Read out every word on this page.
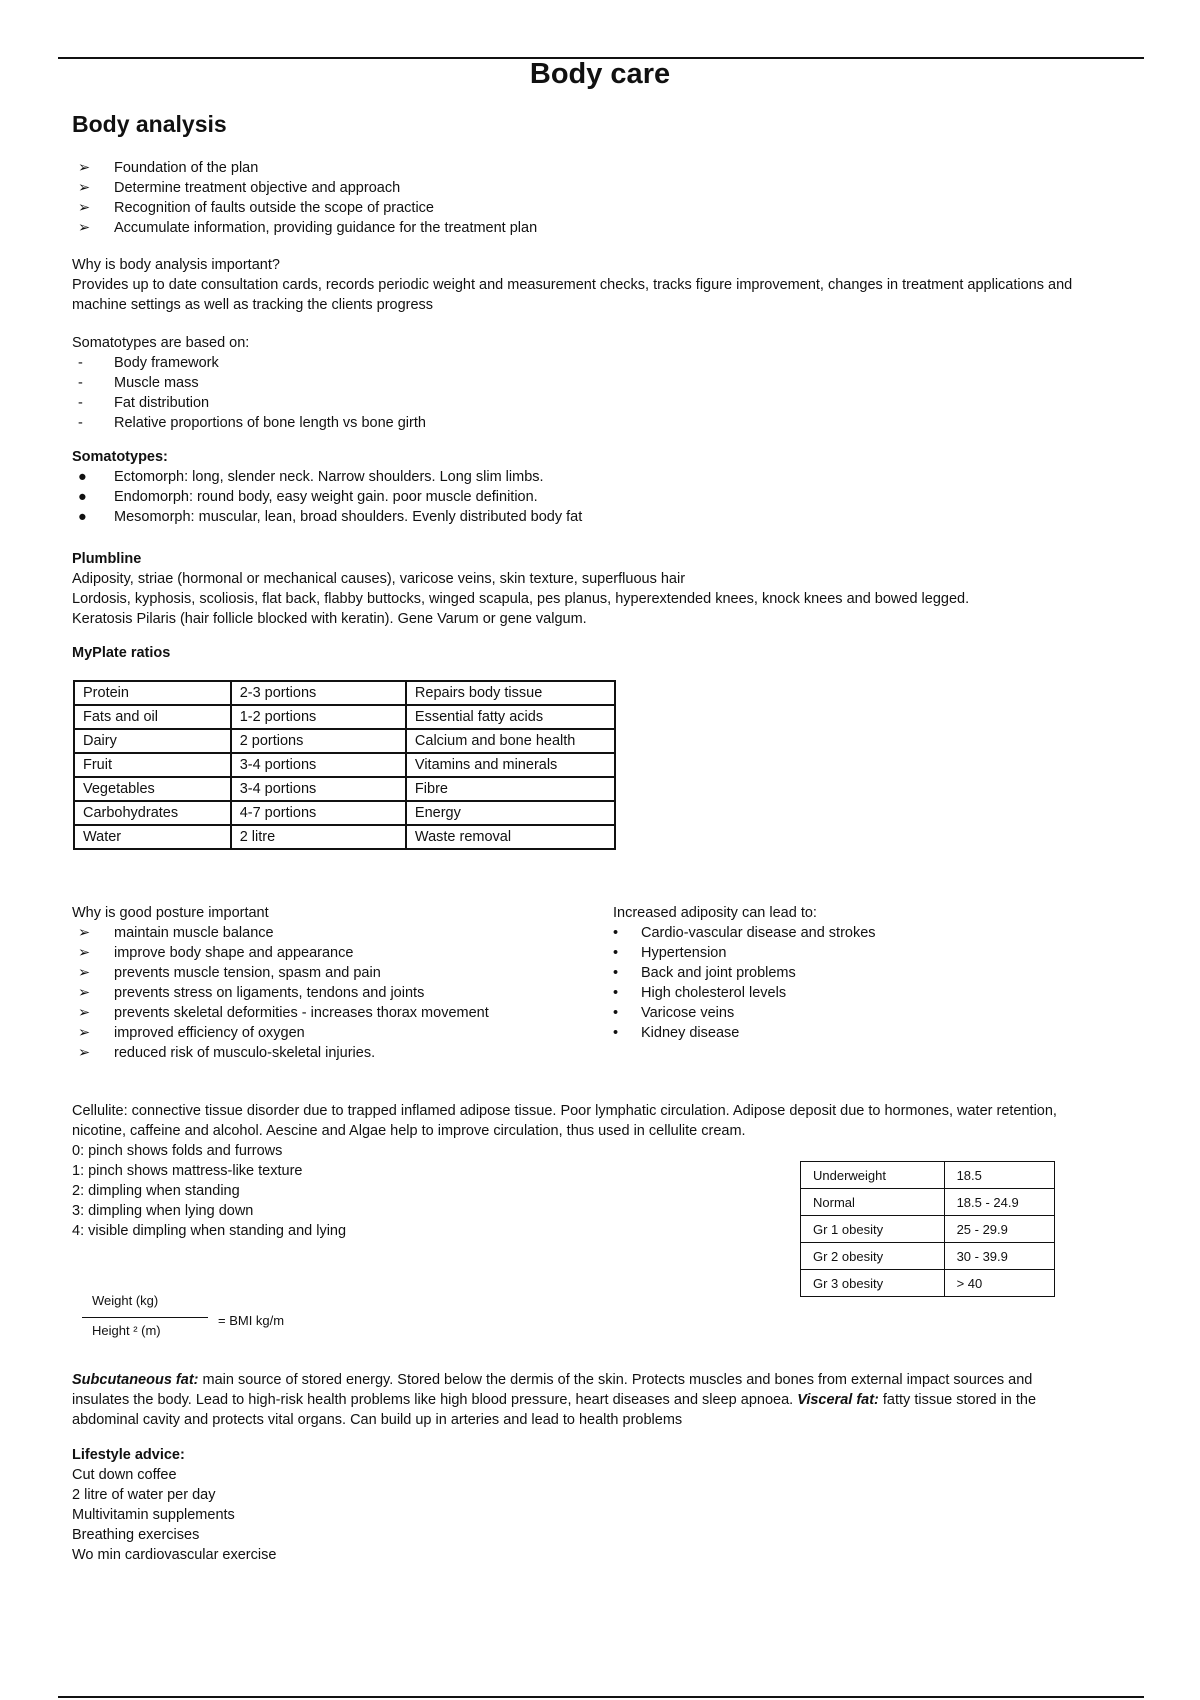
Body care
Body analysis
➢	Foundation of the plan
➢	Determine treatment objective and approach
➢	Recognition of faults outside the scope of practice
➢	Accumulate information, providing guidance for the treatment plan

Why is body analysis important?

Provides up to date consultation cards, records periodic weight and measurement checks, tracks figure improvement, changes in treatment applications and machine settings as well as tracking the clients progress

Somatotypes are based on:

-	Body framework
-	Muscle mass
-	Fat distribution
-	Relative proportions of bone length vs bone girth

Somatotypes:

●	Ectomorph: long, slender neck. Narrow shoulders. Long slim limbs.
●	Endomorph: round body, easy weight gain. poor muscle definition.
●	Mesomorph: muscular, lean, broad shoulders. Evenly distributed body fat

Plumbline

Adiposity, striae (hormonal or mechanical causes), varicose veins, skin texture, superfluous hair

Lordosis, kyphosis, scoliosis, flat back, flabby buttocks, winged scapula, pes planus, hyperextended knees, knock knees and bowed legged.

Keratosis Pilaris (hair follicle blocked with keratin). Gene Varum or gene valgum.

MyPlate ratios

Protein	2-3 portions	Repairs body tissue
Fats and oil	1-2 portions	Essential fatty acids
Dairy	2 portions	Calcium and bone health
Fruit	3-4 portions	Vitamins and minerals
Vegetables	3-4 portions	Fibre
Carbohydrates	4-7 portions	Energy
Water	2 litre	Waste removal

Why is good posture important

➢	maintain muscle balance
➢	improve body shape and appearance
➢	prevents muscle tension, spasm and pain
➢	prevents stress on ligaments, tendons and joints
➢	prevents skeletal deformities - increases thorax movement
➢	improved efficiency of oxygen
➢	reduced risk of musculo-skeletal injuries.

Increased adiposity can lead to:

•	Cardio-vascular disease and strokes
•	Hypertension
•	Back and joint problems
•	High cholesterol levels
•	Varicose veins
•	Kidney disease
Cellulite: connective tissue disorder due to trapped inflamed adipose tissue. Poor lymphatic circulation. Adipose deposit due to hormones, water retention, nicotine, caffeine and alcohol. Aescine and Algae help to improve circulation, thus used in cellulite cream.

0: pinch shows folds and furrows

1: pinch shows mattress-like texture

2: dimpling when standing

3: dimpling when lying down

4: visible dimpling when standing and lying

Underweight	18.5
Normal	18.5 - 24.9
Gr 1 obesity	25 - 29.9
Gr 2 obesity	30 - 39.9
Gr 3 obesity	> 40
Weight (kg)
Height ² (m)
= BMI kg/m
Subcutaneous fat: main source of stored energy. Stored below the dermis of the skin. Protects muscles and bones from external impact sources and insulates the body. Lead to high-risk health problems like high blood pressure, heart diseases and sleep apnoea. Visceral fat: fatty tissue stored in the abdominal cavity and protects vital organs. Can build up in arteries and lead to health problems

Lifestyle advice:

Cut down coffee

2 litre of water per day

Multivitamin supplements

Breathing exercises

Wo min cardiovascular exercise
